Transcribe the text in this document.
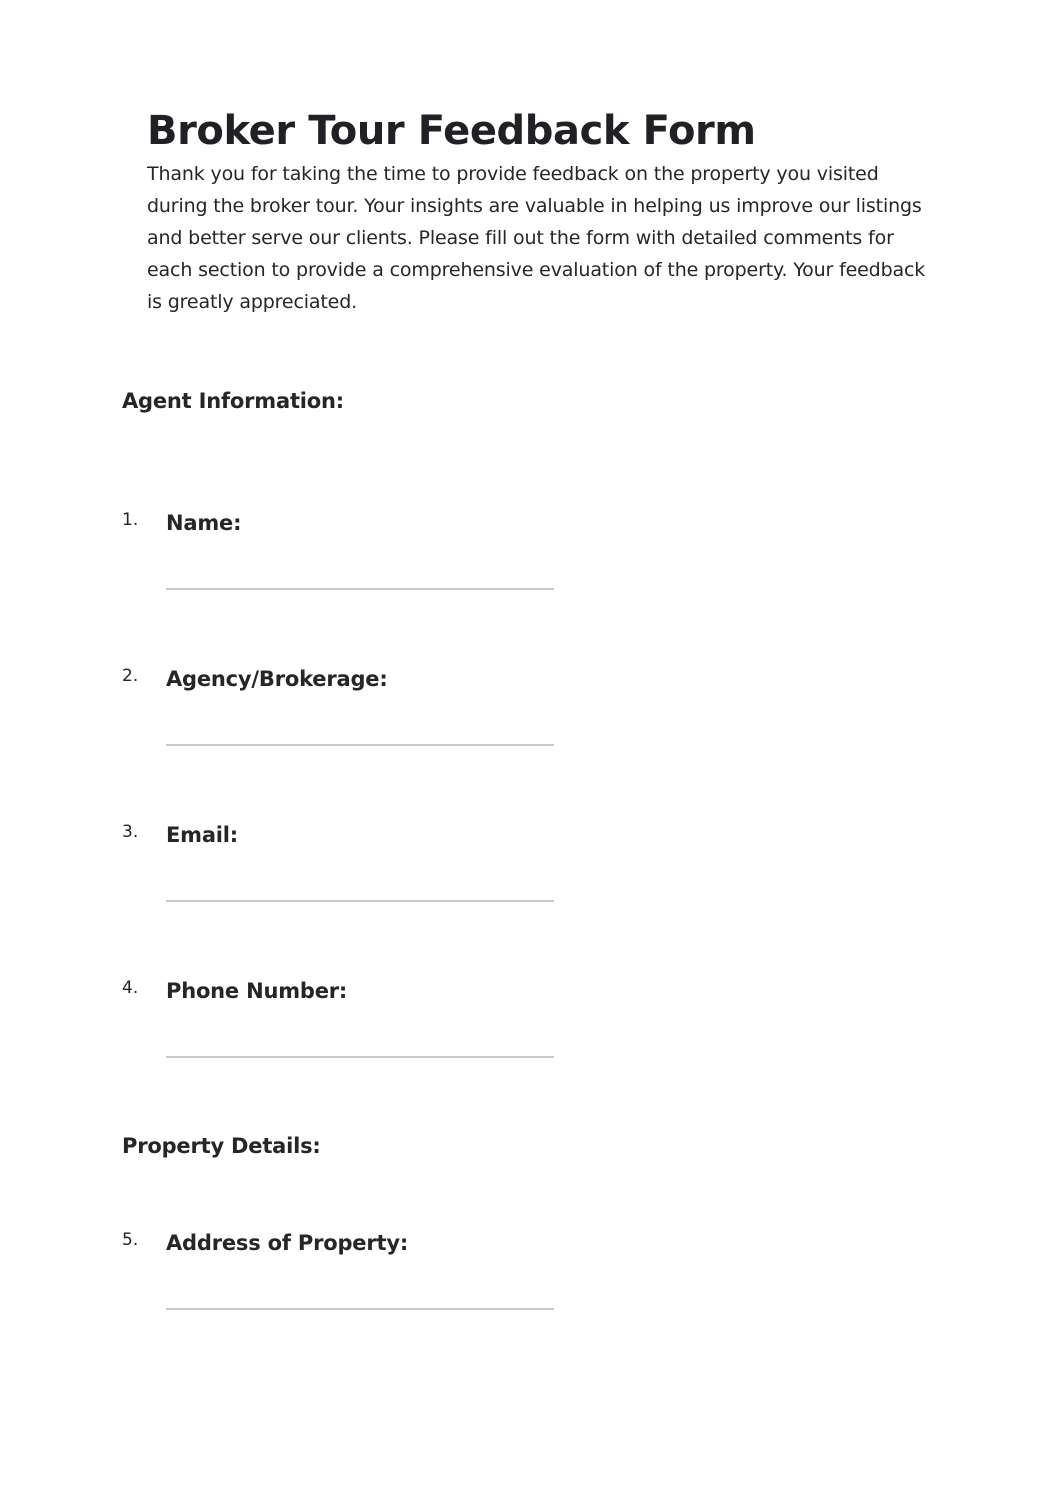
Broker Tour Feedback Form

Thank you for taking the time to provide feedback on the property you visited during the broker tour. Your insights are valuable in helping us improve our listings and better serve our clients. Please fill out the form with detailed comments for each section to provide a comprehensive evaluation of the property. Your feedback is greatly appreciated.

Agent Information:
1. Name:
2. Agency/Brokerage:
3. Email:
4. Phone Number:
Property Details:
5. Address of Property:
